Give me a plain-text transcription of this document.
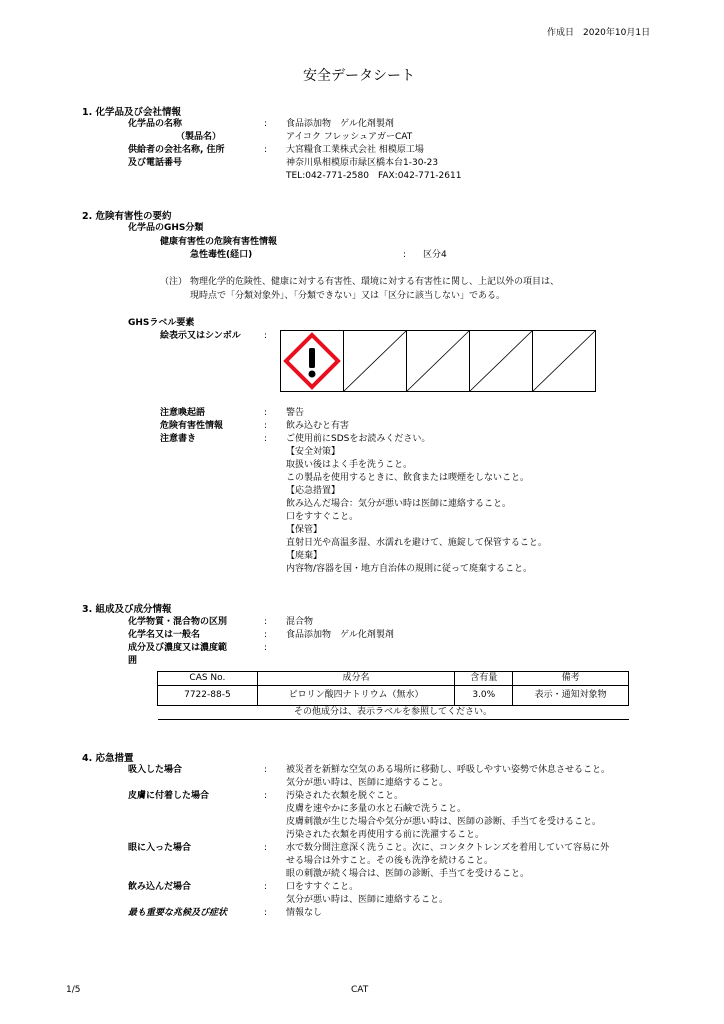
作成日　2020年10月1日
安全データシート
1. 化学品及び会社情報
化学品の名称	: 食品添加物　ゲル化剤製剤
（製品名）	アイコク フレッシュアガーCAT
供給者の会社名称, 住所	: 大宮糧食工業株式会社 相模原工場
及び電話番号	神奈川県相模原市緑区橋本台1-30-23
TEL:042-771-2580　FAX:042-771-2611
2. 危険有害性の要約
化学品のGHS分類
健康有害性の危険有害性情報
急性毒性(経口)	: 区分4
（注） 物理化学的危険性、健康に対する有害性、環境に対する有害性に関し、上記以外の項目は、
現時点で「分類対象外」、「分類できない」又は「区分に該当しない」である。
GHSラベル要素
絵表示又はシンボル	:
注意喚起語	: 警告
危険有害性情報	: 飲み込むと有害
注意書き	: ご使用前にSDSをお読みください。
【安全対策】
取扱い後はよく手を洗うこと。
この製品を使用するときに、飲食または喫煙をしないこと。
【応急措置】
飲み込んだ場合：気分が悪い時は医師に連絡すること。
口をすすぐこと。
【保管】
直射日光や高温多湿、水濡れを避けて、施錠して保管すること。
【廃棄】
内容物/容器を国・地方自治体の規則に従って廃棄すること。
3. 組成及び成分情報
化学物質・混合物の区別	: 混合物
化学名又は一般名	: 食品添加物　ゲル化剤製剤
成分及び濃度又は濃度範	:
囲
CAS No.	成分名	含有量	備考
7722-88-5	ピロリン酸四ナトリウム（無水）	3.0%	表示・通知対象物
その他成分は、表示ラベルを参照してください。			
4. 応急措置
吸入した場合	: 被災者を新鮮な空気のある場所に移動し、呼吸しやすい姿勢で休息させること。
気分が悪い時は、医師に連絡すること。
皮膚に付着した場合	: 汚染された衣類を脱ぐこと。
皮膚を速やかに多量の水と石鹸で洗うこと。
皮膚刺激が生じた場合や気分が悪い時は、医師の診断、手当てを受けること。
汚染された衣類を再使用する前に洗濯すること。
眼に入った場合	: 水で数分間注意深く洗うこと。次に、コンタクトレンズを着用していて容易に外
せる場合は外すこと。その後も洗浄を続けること。
眼の刺激が続く場合は、医師の診断、手当てを受けること。
飲み込んだ場合	: 口をすすぐこと。
気分が悪い時は、医師に連絡すること。
最も重要な兆候及び症状	: 情報なし
1/5	CAT
